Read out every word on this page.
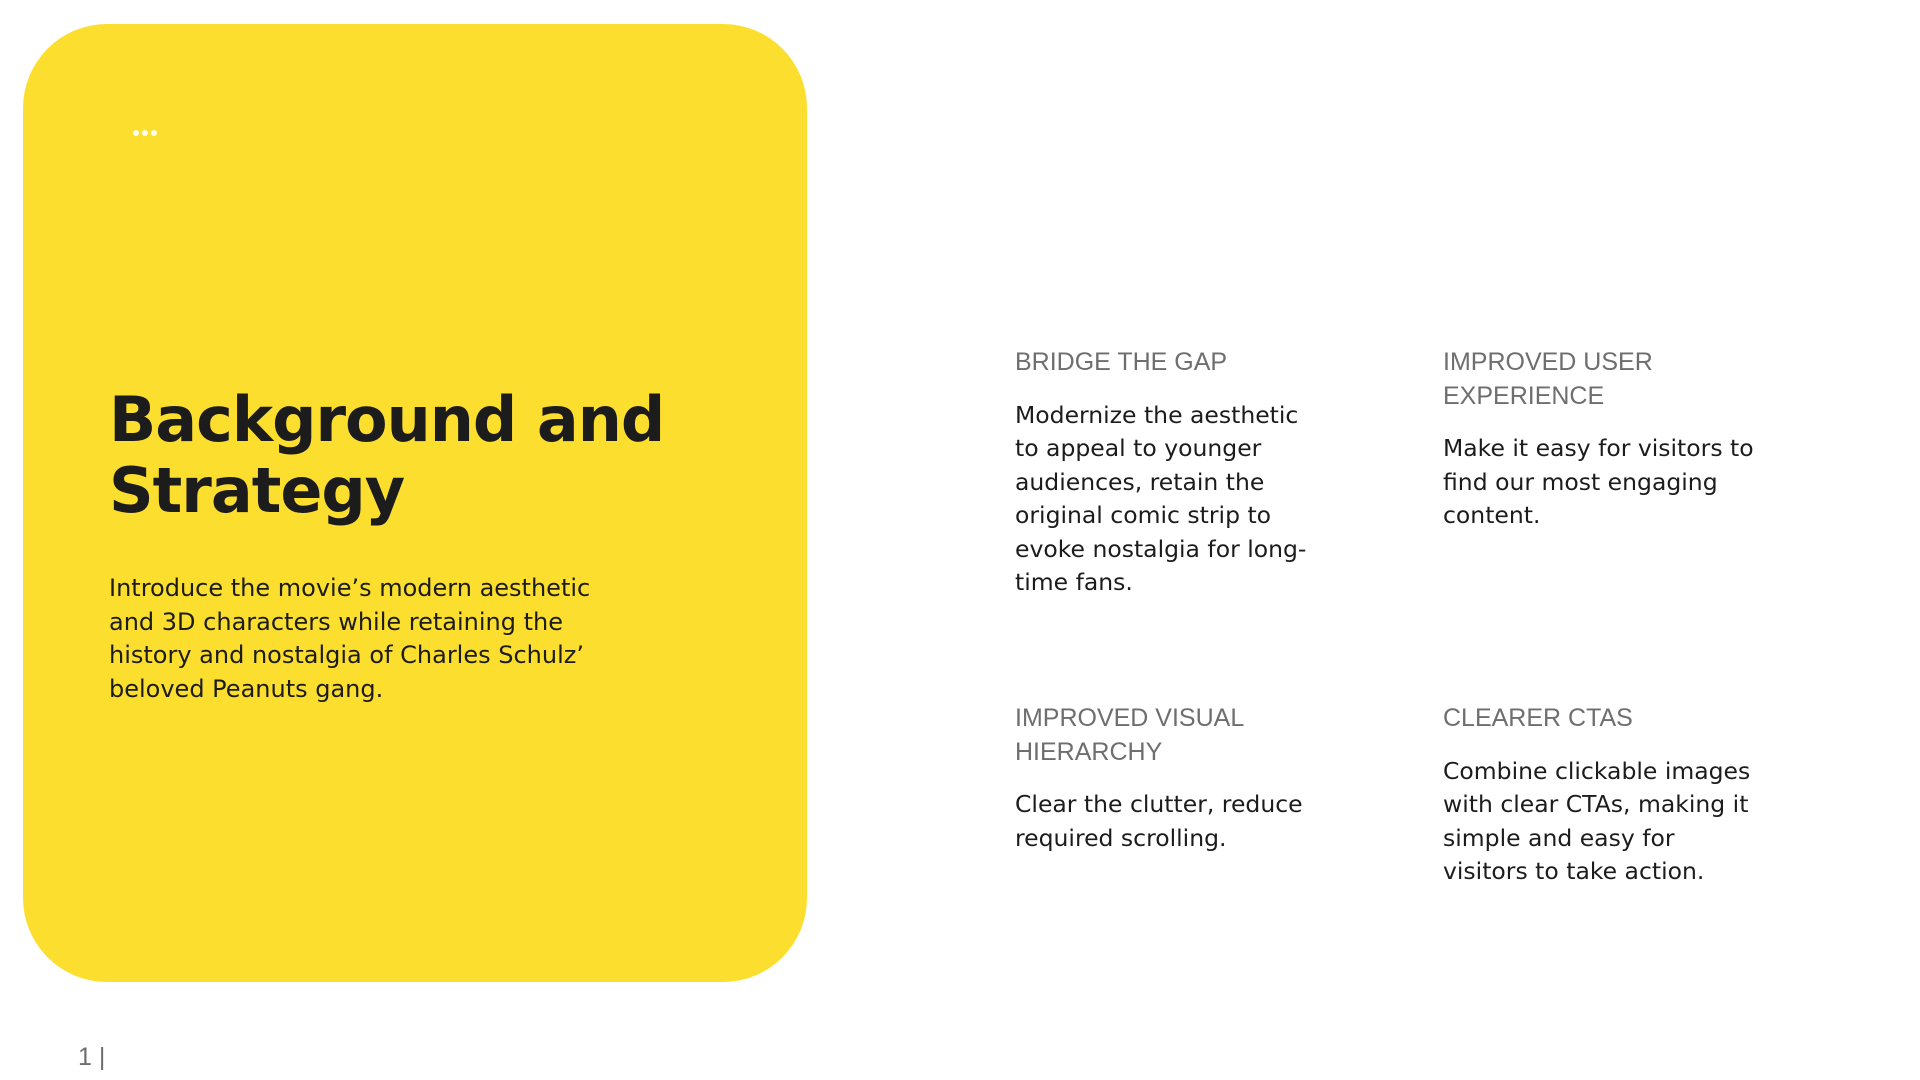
Background and Strategy

Introduce the movie’s modern aesthetic and 3D characters while retaining the history and nostalgia of Charles Schulz’ beloved Peanuts gang.

BRIDGE THE GAP

Modernize the aesthetic to appeal to younger audiences, retain the original comic strip to evoke nostalgia for long-time fans.

IMPROVED USER EXPERIENCE

Make it easy for visitors to find our most engaging content.

IMPROVED VISUAL HIERARCHY

Clear the clutter, reduce required scrolling.

CLEARER CTAS

Combine clickable images with clear CTAs, making it simple and easy for visitors to take action.

1 |
